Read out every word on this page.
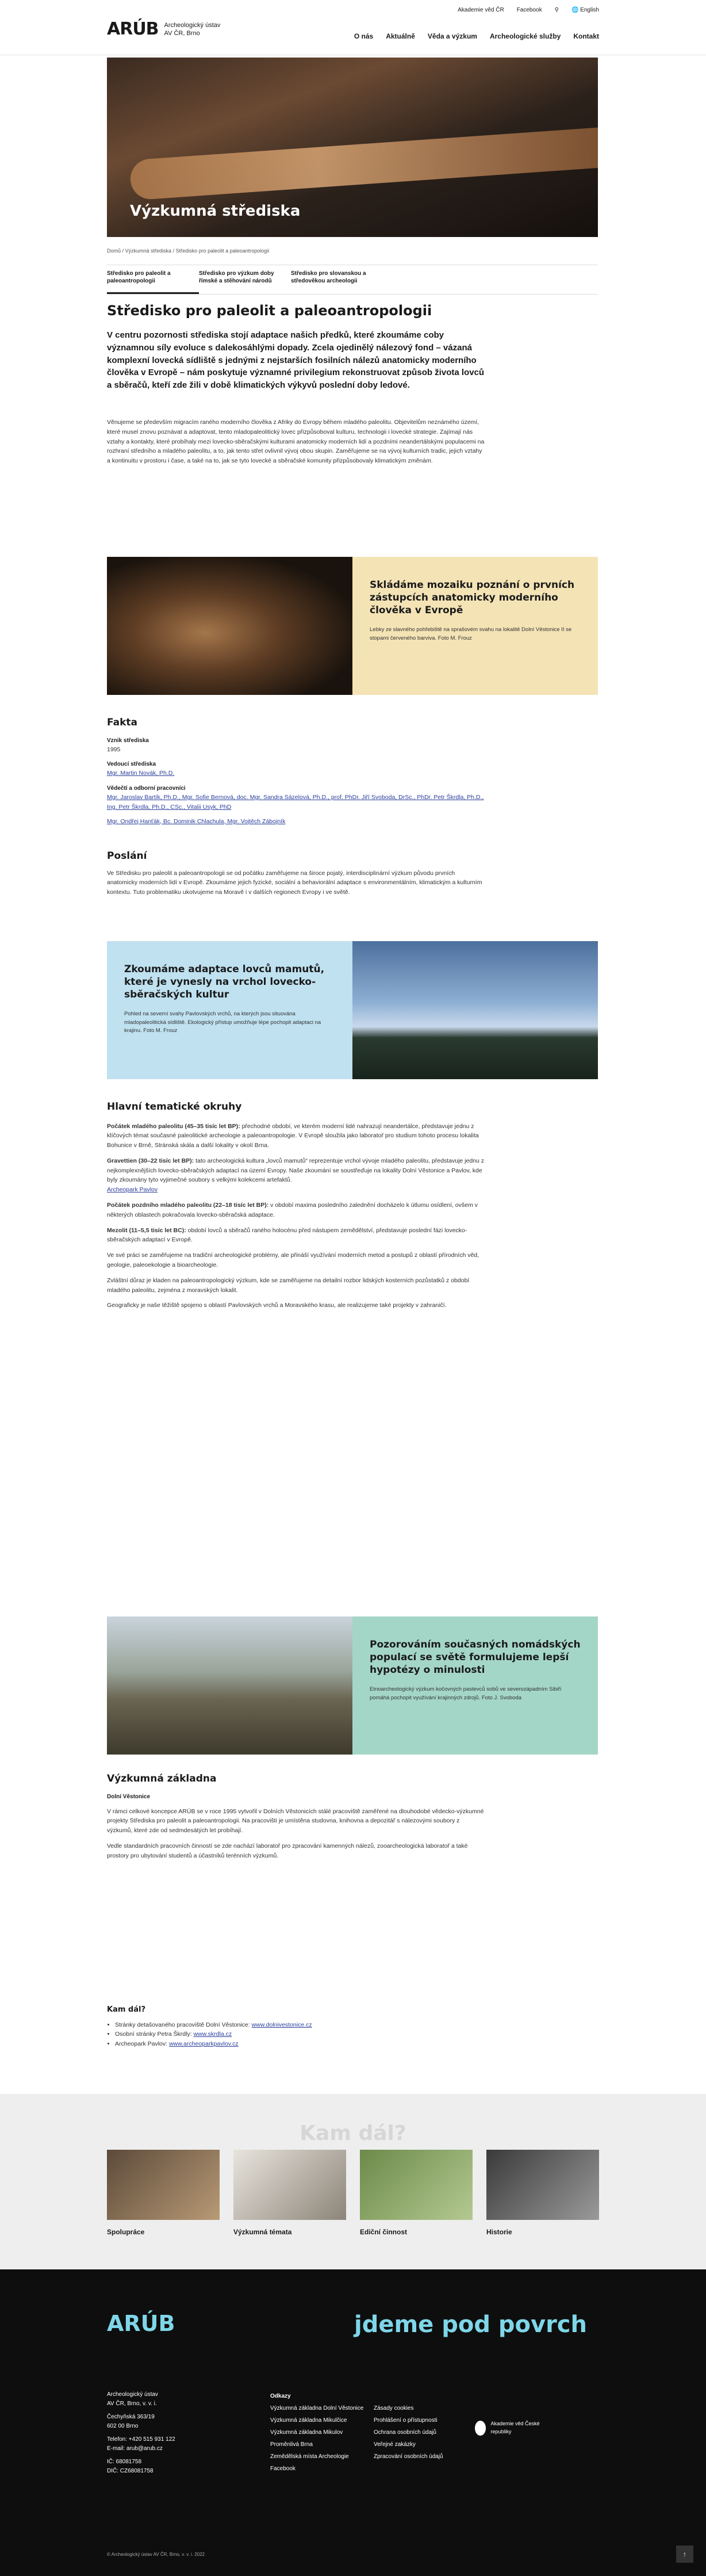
ARÚB Archeologický ústav
AV ČR, Brno
Akademie věd ČR Facebook ⚲ 🌐 English
O nás Aktuálně Věda a výzkum Archeologické služby Kontakt
Výzkumná střediska
Domů / Výzkumná střediska / Středisko pro paleolit a paleoantropologii
Středisko pro paleolit a paleoantropologii
Středisko pro výzkum doby římské a stěhování národů
Středisko pro slovanskou a středověkou archeologii
Středisko pro paleolit a paleoantropologii

V centru pozornosti střediska stojí adaptace našich předků, které zkoumáme coby významnou síly evoluce s dalekosáhlými dopady. Zcela ojedinělý nálezový fond – vázaná komplexní lovecká sídliště s jednými z nejstarších fosilních nálezů anatomicky moderního člověka v Evropě – nám poskytuje významné privilegium rekonstruovat způsob života lovců a sběračů, kteří zde žili v době klimatických výkyvů poslední doby ledové.

Věnujeme se především migracím raného moderního člověka z Afriky do Evropy během mladého paleolitu. Objevitelům neznámého území, které musel znovu poznávat a adaptovat, tento mladopaleolitický lovec přizpůsoboval kulturu, technologii i lovecké strategie. Zajímají nás vztahy a kontakty, které probíhaly mezi lovecko-sběračskými kulturami anatomicky moderních lidí a pozdními neandertálskými populacemi na rozhraní středního a mladého paleolitu, a to, jak tento střet ovlivnil vývoj obou skupin. Zaměřujeme se na vývoj kulturních tradic, jejich vztahy a kontinuitu v prostoru i čase, a také na to, jak se tyto lovecké a sběračské komunity přizpůsobovaly klimatickým změnám.

Skládáme mozaiku poznání o prvních zástupcích anatomicky moderního člověka v Evropě

Lebky ze slavného pohřebiště na sprašovém svahu na lokalitě Dolní Věstonice II se stopami červeného barviva. Foto M. Frouz

Fakta
Vznik střediska
1995
Vedoucí střediska
Mgr. Martin Novák, Ph.D.
Vědečtí a odborní pracovníci
Mgr. Jaroslav Bartík, Ph.D., Mgr. Sofie Bernová, doc. Mgr. Sandra Sázelová, Ph.D., prof. PhDr. Jiří Svoboda, DrSc., PhDr. Petr Škrdla, Ph.D., Ing. Petr Škrdla, Ph.D., CSc., Vitalii Usyk, PhD
Mgr. Ondřej Hanťák, Bc. Dominik Chlachula, Mgr. Vojtěch Zábojník
Poslání

Ve Středisku pro paleolit a paleoantropologii se od počátku zaměřujeme na široce pojatý, interdisciplinární výzkum původu prvních anatomicky moderních lidí v Evropě. Zkoumáme jejich fyzické, sociální a behaviorální adaptace s environmentálním, klimatickým a kulturním kontextu. Tuto problematiku ukotvujeme na Moravě i v dalších regionech Evropy i ve světě.

Zkoumáme adaptace lovců mamutů, které je vynesly na vrchol lovecko-sběračských kultur

Pohled na severní svahy Pavlovských vrchů, na kterých jsou situována mladopaleolitická sídliště. Ekologický přístup umožňuje lépe pochopit adaptaci na krajinu. Foto M. Frouz

Hlavní tematické okruhy

Počátek mladého paleolitu (45–35 tisíc let BP): přechodné období, ve kterém moderní lidé nahrazují neandertálce, představuje jednu z klíčových témat současné paleolitické archeologie a paleoantropologie. V Evropě sloužila jako laboratoř pro studium tohoto procesu lokalita Bohunice v Brně, Stránská skála a další lokality v okolí Brna.

Gravettien (30–22 tisíc let BP): tato archeologická kultura „lovců mamutů“ reprezentuje vrchol vývoje mladého paleolitu, představuje jednu z nejkomplexnějších lovecko-sběračských adaptací na území Evropy. Naše zkoumání se soustřeďuje na lokality Dolní Věstonice a Pavlov, kde byly zkoumány tyto vyjimečné soubory s velkými kolekcemi artefaktů.

Archeopark Pavlov

Počátek pozdního mladého paleolitu (22–18 tisíc let BP): v období maxima posledního zalednění docházelo k útlumu osídlení, ovšem v některých oblastech pokračovala lovecko-sběračská adaptace.

Mezolit (11–5,5 tisíc let BC): období lovců a sběračů raného holocénu před nástupem zemědělství, představuje poslední fázi lovecko-sběračských adaptací v Evropě.

Ve své práci se zaměřujeme na tradiční archeologické problémy, ale přináší využívání moderních metod a postupů z oblastí přírodních věd, geologie, paleoekologie a bioarcheologie.

Zvláštní důraz je kladen na paleoantropologický výzkum, kde se zaměřujeme na detailní rozbor lidských kosterních pozůstatků z období mladého paleolitu, zejména z moravských lokalit.

Geograficky je naše těžiště spojeno s oblastí Pavlovských vrchů a Moravského krasu, ale realizujeme také projekty v zahraničí.

Pozorováním současných nomádských populací se světě formulujeme lepší hypotézy o minulosti

Etnoarcheologický výzkum kočovných pastevců sobů ve severozápadním Sibiři pomáhá pochopit využívání krajinných zdrojů. Foto J. Svoboda

Výzkumná základna
Dolní Věstonice

V rámci celkové koncepce ARÚB se v roce 1995 vytvořil v Dolních Věstonicích stálé pracoviště zaměřené na dlouhodobé vědecko-výzkumné projekty Střediska pro paleolit a paleoantropologii. Na pracovišti je umístěna studovna, knihovna a depozitář s nálezovými soubory z výzkumů, které zde od sedmdesátých let probíhají.

Vedle standardních pracovních činností se zde nachází laboratoř pro zpracování kamenných nálezů, zooarcheologická laboratoř a také prostory pro ubytování studentů a účastníků terénních výzkumů.

Kam dál?
• Stránky detašovaného pracoviště Dolní Věstonice: www.dolnivestonice.cz
• Osobní stránky Petra Škrdly: www.skrdla.cz
• Archeopark Pavlov: www.archeoparkpavlov.cz
Kam dál?
Spolupráce	Výzkumná témata	Ediční činnost	Historie
ARÚB	jdeme pod povrch
Archeologický ústav
AV ČR, Brno, v. v. i.
Čechyňská 363/19
602 00 Brno
Telefon: +420 515 931 122
E-mail: arub@arub.cz
IČ: 68081758
DIČ: CZ68081758
Odkazy
Výzkumná základna Dolní Věstonice
Výzkumná základna Mikulčice
Výzkumná základna Mikulov
Proměnlivá Brna
Zemědělská místa Archeologie
Facebook
Zásady cookies
Prohlášení o přístupnosti
Ochrana osobních údajů
Veřejné zakázky
Zpracování osobních údajů
Akademie věd České republiky
© Archeologický ústav AV ČR, Brno, v. v. i. 2022	↑
